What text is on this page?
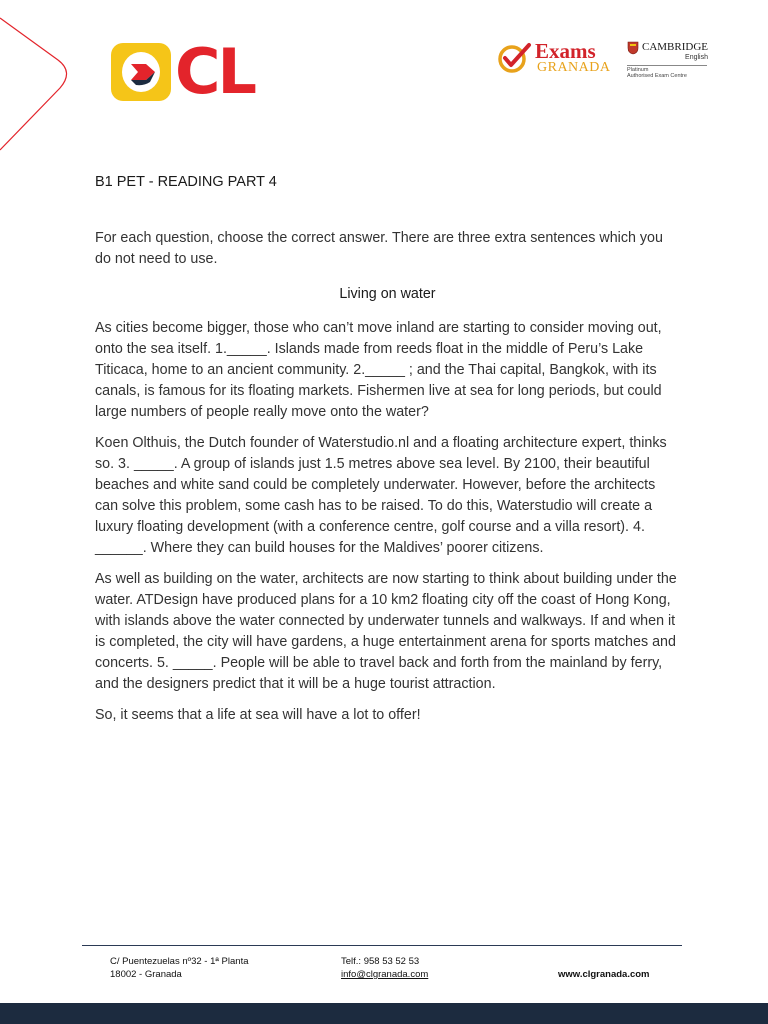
CL	Exams
GRANADA
CAMBRIDGE
English
Platinum
Authorised Exam Centre
B1 PET - READING PART 4

For each question, choose the correct answer. There are three extra sentences which you do not need to use.

Living on water

As cities become bigger, those who can’t move inland are starting to consider moving out, onto the sea itself. 1._____. Islands made from reeds float in the middle of Peru’s Lake Titicaca, home to an ancient community. 2._____ ; and the Thai capital, Bangkok, with its canals, is famous for its floating markets. Fishermen live at sea for long periods, but could large numbers of people really move onto the water?

Koen Olthuis, the Dutch founder of Waterstudio.nl and a floating architecture expert, thinks so. 3. _____. A group of islands just 1.5 metres above sea level. By 2100, their beautiful beaches and white sand could be completely underwater. However, before the architects can solve this problem, some cash has to be raised. To do this, Waterstudio will create a luxury floating development (with a conference centre, golf course and a villa resort). 4. ______. Where they can build houses for the Maldives’ poorer citizens.

As well as building on the water, architects are now starting to think about building under the water. ATDesign have produced plans for a 10 km2 floating city off the coast of Hong Kong, with islands above the water connected by underwater tunnels and walkways. If and when it is completed, the city will have gardens, a huge entertainment arena for sports matches and concerts. 5. _____. People will be able to travel back and forth from the mainland by ferry, and the designers predict that it will be a huge tourist attraction.

So, it seems that a life at sea will have a lot to offer!

C/ Puentezuelas nº32 - 1ª Planta
18002 - Granada
Telf.: 958 53 52 53
info@clgranada.com	www.clgranada.com
